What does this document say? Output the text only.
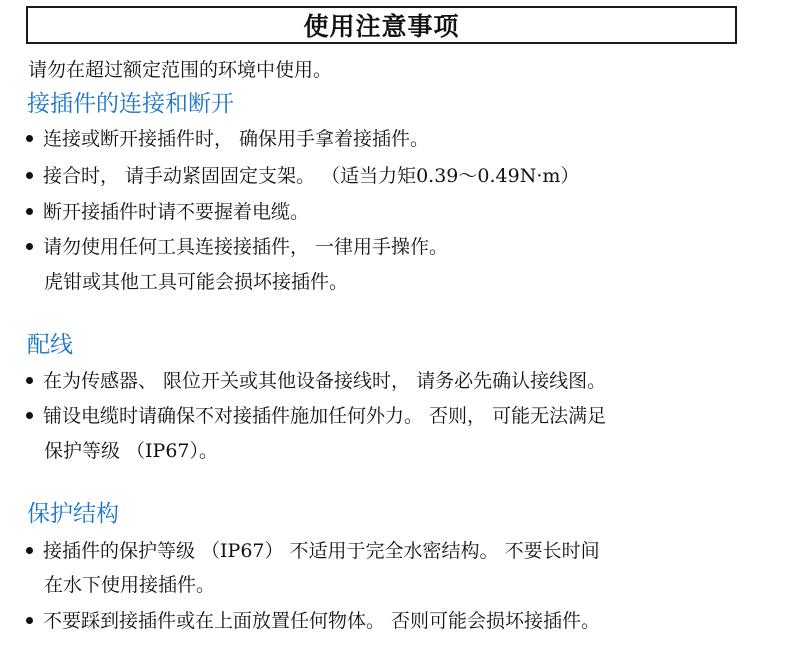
使用注意事项
请勿在超过额定范围的环境中使用。
接插件的连接和断开
连接或断开接插件时， 确保用手拿着接插件。
接合时， 请手动紧固固定支架。 （适当力矩0.39～0.49N·m）
断开接插件时请不要握着电缆。
请勿使用任何工具连接接插件， 一律用手操作。
虎钳或其他工具可能会损坏接插件。
配线
在为传感器、 限位开关或其他设备接线时， 请务必先确认接线图。
铺设电缆时请确保不对接插件施加任何外力。 否则， 可能无法满足
保护等级 （IP67）。
保护结构
接插件的保护等级 （IP67） 不适用于完全水密结构。 不要长时间
在水下使用接插件。
不要踩到接插件或在上面放置任何物体。 否则可能会损坏接插件。
